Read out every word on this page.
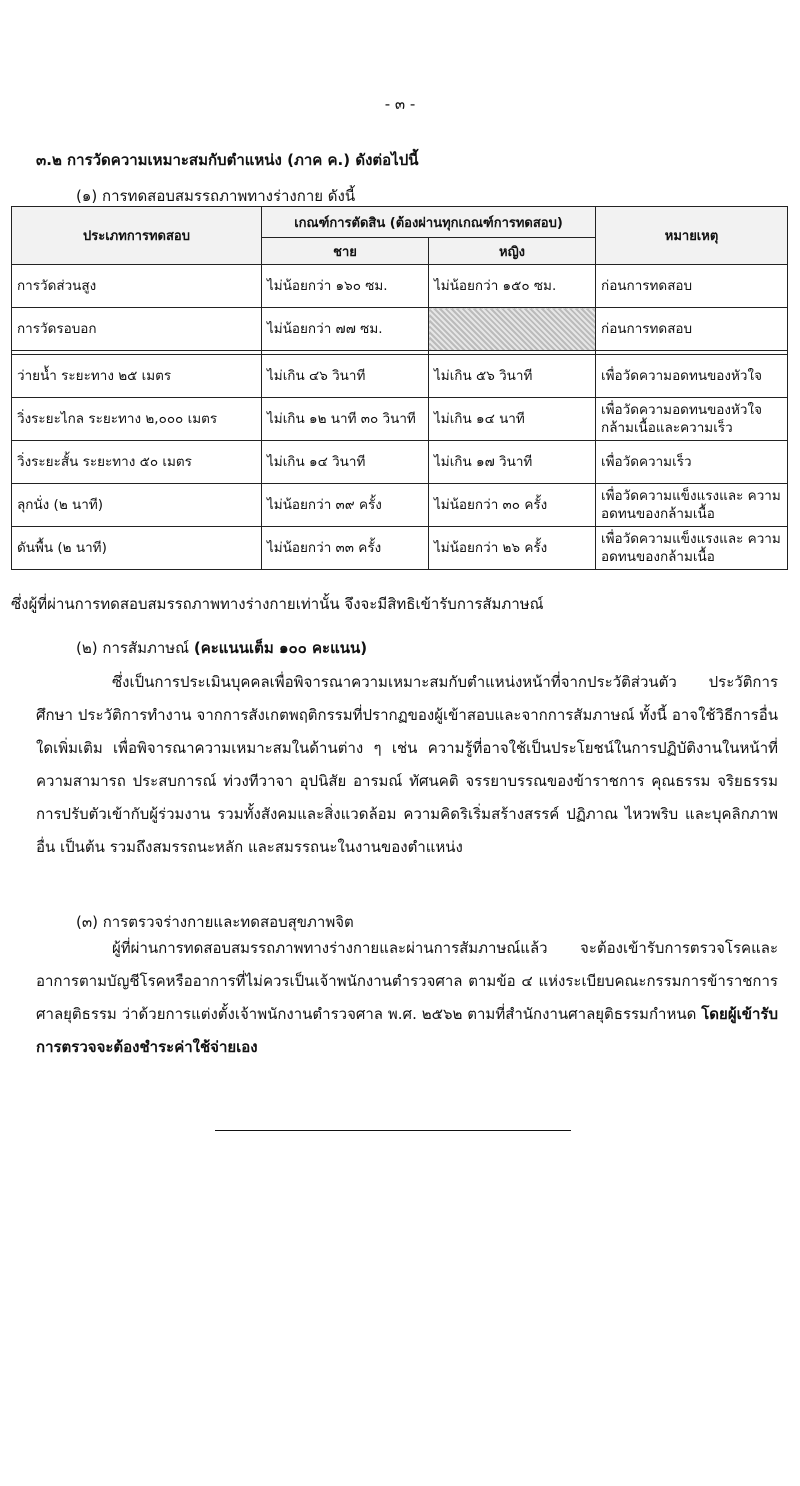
- ๓ -
๓.๒ การวัดความเหมาะสมกับตำแหน่ง (ภาค ค.) ดังต่อไปนี้
(๑) การทดสอบสมรรถภาพทางร่างกาย ดังนี้
ประเภทการทดสอบ	เกณฑ์การตัดสิน (ต้องผ่านทุกเกณฑ์การทดสอบ)		หมายเหตุ
	ชาย	หญิง	
การวัดส่วนสูง	ไม่น้อยกว่า ๑๖๐ ซม.	ไม่น้อยกว่า ๑๕๐ ซม.	ก่อนการทดสอบ
การวัดรอบอก	ไม่น้อยกว่า ๗๗ ซม.		ก่อนการทดสอบ

ว่ายน้ำ ระยะทาง ๒๕ เมตร	ไม่เกิน ๔๖ วินาที	ไม่เกิน ๕๖ วินาที	เพื่อวัดความอดทนของหัวใจ
วิ่งระยะไกล ระยะทาง ๒,๐๐๐ เมตร	ไม่เกิน ๑๒ นาที ๓๐ วินาที	ไม่เกิน ๑๔ นาที	เพื่อวัดความอดทนของหัวใจ กล้ามเนื้อและความเร็ว
วิ่งระยะสั้น ระยะทาง ๕๐ เมตร	ไม่เกิน ๑๔ วินาที	ไม่เกิน ๑๗ วินาที	เพื่อวัดความเร็ว
ลุกนั่ง (๒ นาที)	ไม่น้อยกว่า ๓๙ ครั้ง	ไม่น้อยกว่า ๓๐ ครั้ง	เพื่อวัดความแข็งแรงและ ความอดทนของกล้ามเนื้อ
ดันพื้น (๒ นาที)	ไม่น้อยกว่า ๓๓ ครั้ง	ไม่น้อยกว่า ๒๖ ครั้ง	เพื่อวัดความแข็งแรงและ ความอดทนของกล้ามเนื้อ
ซึ่งผู้ที่ผ่านการทดสอบสมรรถภาพทางร่างกายเท่านั้น จึงจะมีสิทธิเข้ารับการสัมภาษณ์
(๒) การสัมภาษณ์ (คะแนนเต็ม ๑๐๐ คะแนน)
ซึ่งเป็นการประเมินบุคคลเพื่อพิจารณาความเหมาะสมกับตำแหน่งหน้าที่จากประวัติส่วนตัว ประวัติการศึกษา ประวัติการทำงาน จากการสังเกตพฤติกรรมที่ปรากฏของผู้เข้าสอบและจากการสัมภาษณ์ ทั้งนี้ อาจใช้วิธีการอื่นใดเพิ่มเติม เพื่อพิจารณาความเหมาะสมในด้านต่าง ๆ เช่น ความรู้ที่อาจใช้เป็นประโยชน์ในการปฏิบัติงานในหน้าที่ ความสามารถ ประสบการณ์ ท่วงทีวาจา อุปนิสัย อารมณ์ ทัศนคติ จรรยาบรรณของข้าราชการ คุณธรรม จริยธรรม การปรับตัวเข้ากับผู้ร่วมงาน รวมทั้งสังคมและสิ่งแวดล้อม ความคิดริเริ่มสร้างสรรค์ ปฏิภาณ ไหวพริบ และบุคลิกภาพอื่น เป็นต้น รวมถึงสมรรถนะหลัก และสมรรถนะในงานของตำแหน่ง
(๓) การตรวจร่างกายและทดสอบสุขภาพจิต
ผู้ที่ผ่านการทดสอบสมรรถภาพทางร่างกายและผ่านการสัมภาษณ์แล้ว จะต้องเข้ารับการตรวจโรคและอาการตามบัญชีโรคหรืออาการที่ไม่ควรเป็นเจ้าพนักงานตำรวจศาล ตามข้อ ๔ แห่งระเบียบคณะกรรมการข้าราชการศาลยุติธรรม ว่าด้วยการแต่งตั้งเจ้าพนักงานตำรวจศาล พ.ศ. ๒๕๖๒ ตามที่สำนักงานศาลยุติธรรมกำหนด โดยผู้เข้ารับการตรวจจะต้องชำระค่าใช้จ่ายเอง
